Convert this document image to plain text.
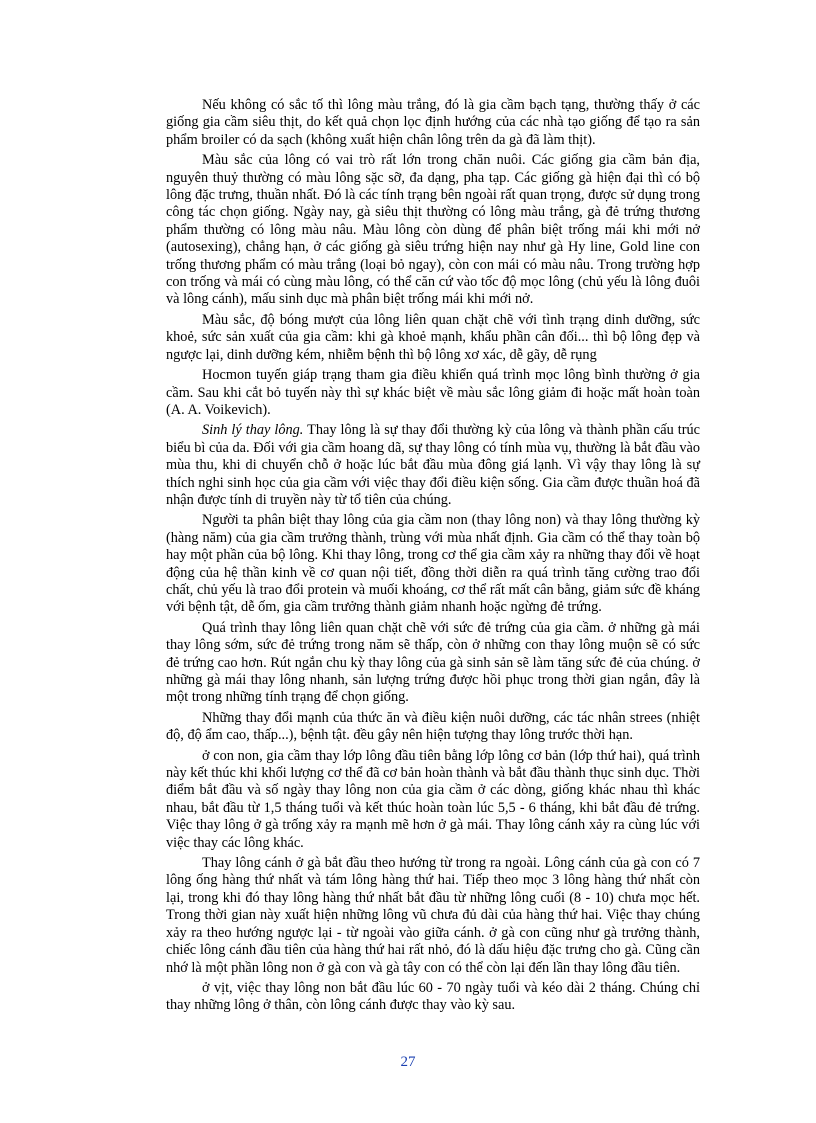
Nếu không có sắc tố thì lông màu trắng, đó là gia cầm bạch tạng, thường thấy ở các giống gia cầm siêu thịt, do kết quả chọn lọc định hướng của các nhà tạo giống để tạo ra sản phẩm broiler có da sạch (không xuất hiện chân lông trên da gà đã làm thịt).

Màu sắc của lông có vai trò rất lớn trong chăn nuôi. Các giống gia cầm bản địa, nguyên thuỷ thường có màu lông sặc sỡ, đa dạng, pha tạp. Các giống gà hiện đại thì có bộ lông đặc trưng, thuần nhất. Đó là các tính trạng bên ngoài rất quan trọng, được sử dụng trong công tác chọn giống. Ngày nay, gà siêu thịt thường có lông màu trắng, gà đẻ trứng thương phẩm thường có lông màu nâu. Màu lông còn dùng để phân biệt trống mái khi mới nở (autosexing), chẳng hạn, ở các giống gà siêu trứng hiện nay như gà Hy line, Gold line con trống thương phẩm có màu trắng (loại bỏ ngay), còn con mái có màu nâu. Trong trường hợp con trống và mái có cùng màu lông, có thể căn cứ vào tốc độ mọc lông (chủ yếu là lông đuôi và lông cánh), mấu sinh dục mà phân biệt trống mái khi mới nở.

Màu sắc, độ bóng mượt của lông liên quan chặt chẽ với tình trạng dinh dưỡng, sức khoẻ, sức sản xuất của gia cầm: khi gà khoẻ mạnh, khẩu phần cân đối... thì bộ lông đẹp và ngược lại, dinh dưỡng kém, nhiễm bệnh thì bộ lông xơ xác, dễ gãy, dễ rụng

Hocmon tuyến giáp trạng tham gia điều khiển quá trình mọc lông bình thường ở gia cầm. Sau khi cắt bỏ tuyến này thì sự khác biệt về màu sắc lông giảm đi hoặc mất hoàn toàn (A. A. Voikevich).

Sinh lý thay lông. Thay lông là sự thay đổi thường kỳ của lông và thành phần cấu trúc biểu bì của da. Đối với gia cầm hoang dã, sự thay lông có tính mùa vụ, thường là bắt đầu vào mùa thu, khi di chuyển chỗ ở hoặc lúc bắt đầu mùa đông giá lạnh. Vì vậy thay lông là sự thích nghi sinh học của gia cầm với việc thay đổi điều kiện sống. Gia cầm được thuần hoá đã nhận được tính di truyền này từ tổ tiên của chúng.

Người ta phân biệt thay lông của gia cầm non (thay lông non) và thay lông thường kỳ (hàng năm) của gia cầm trưởng thành, trùng với mùa nhất định. Gia cầm có thể thay toàn bộ hay một phần của bộ lông. Khi thay lông, trong cơ thể gia cầm xảy ra những thay đổi về hoạt động của hệ thần kinh về cơ quan nội tiết, đồng thời diễn ra quá trình tăng cường trao đổi chất, chủ yếu là trao đổi protein và muối khoáng, cơ thể rất mất cân bằng, giảm sức đề kháng với bệnh tật, dễ ốm, gia cầm trưởng thành giảm nhanh hoặc ngừng đẻ trứng.

Quá trình thay lông liên quan chặt chẽ với sức đẻ trứng của gia cầm. ở những gà mái thay lông sớm, sức đẻ trứng trong năm sẽ thấp, còn ở những con thay lông muộn sẽ có sức đẻ trứng cao hơn. Rút ngắn chu kỳ thay lông của gà sinh sản sẽ làm tăng sức đẻ của chúng. ở những gà mái thay lông nhanh, sản lượng trứng được hồi phục trong thời gian ngắn, đây là một trong những tính trạng để chọn giống.

Những thay đổi mạnh của thức ăn và điều kiện nuôi dưỡng, các tác nhân strees (nhiệt độ, độ ẩm cao, thấp...), bệnh tật. đều gây nên hiện tượng thay lông trước thời hạn.

ở con non, gia cầm thay lớp lông đầu tiên bằng lớp lông cơ bản (lớp thứ hai), quá trình này kết thúc khi khối lượng cơ thể đã cơ bản hoàn thành và bắt đầu thành thục sinh dục. Thời điểm bắt đầu và số ngày thay lông non của gia cầm ở các dòng, giống khác nhau thì khác nhau, bắt đầu từ 1,5 tháng tuổi và kết thúc hoàn toàn lúc 5,5 - 6 tháng, khi bắt đầu đẻ trứng. Việc thay lông ở gà trống xảy ra mạnh mẽ hơn ở gà mái. Thay lông cánh xảy ra cùng lúc với việc thay các lông khác.

Thay lông cánh ở gà bắt đầu theo hướng từ trong ra ngoài. Lông cánh của gà con có 7 lông ống hàng thứ nhất và tám lông hàng thứ hai. Tiếp theo mọc 3 lông hàng thứ nhất còn lại, trong khi đó thay lông hàng thứ nhất bắt đầu từ những lông cuối (8 - 10) chưa mọc hết. Trong thời gian này xuất hiện những lông vũ chưa đủ dài của hàng thứ hai. Việc thay chúng xảy ra theo hướng ngược lại - từ ngoài vào giữa cánh. ở gà con cũng như gà trưởng thành, chiếc lông cánh đầu tiên của hàng thứ hai rất nhỏ, đó là dấu hiệu đặc trưng cho gà. Cũng cần nhớ là một phần lông non ở gà con và gà tây con có thể còn lại đến lần thay lông đầu tiên.

ở vịt, việc thay lông non bắt đầu lúc 60 - 70 ngày tuổi và kéo dài 2 tháng. Chúng chỉ thay những lông ở thân, còn lông cánh được thay vào kỳ sau.

27
